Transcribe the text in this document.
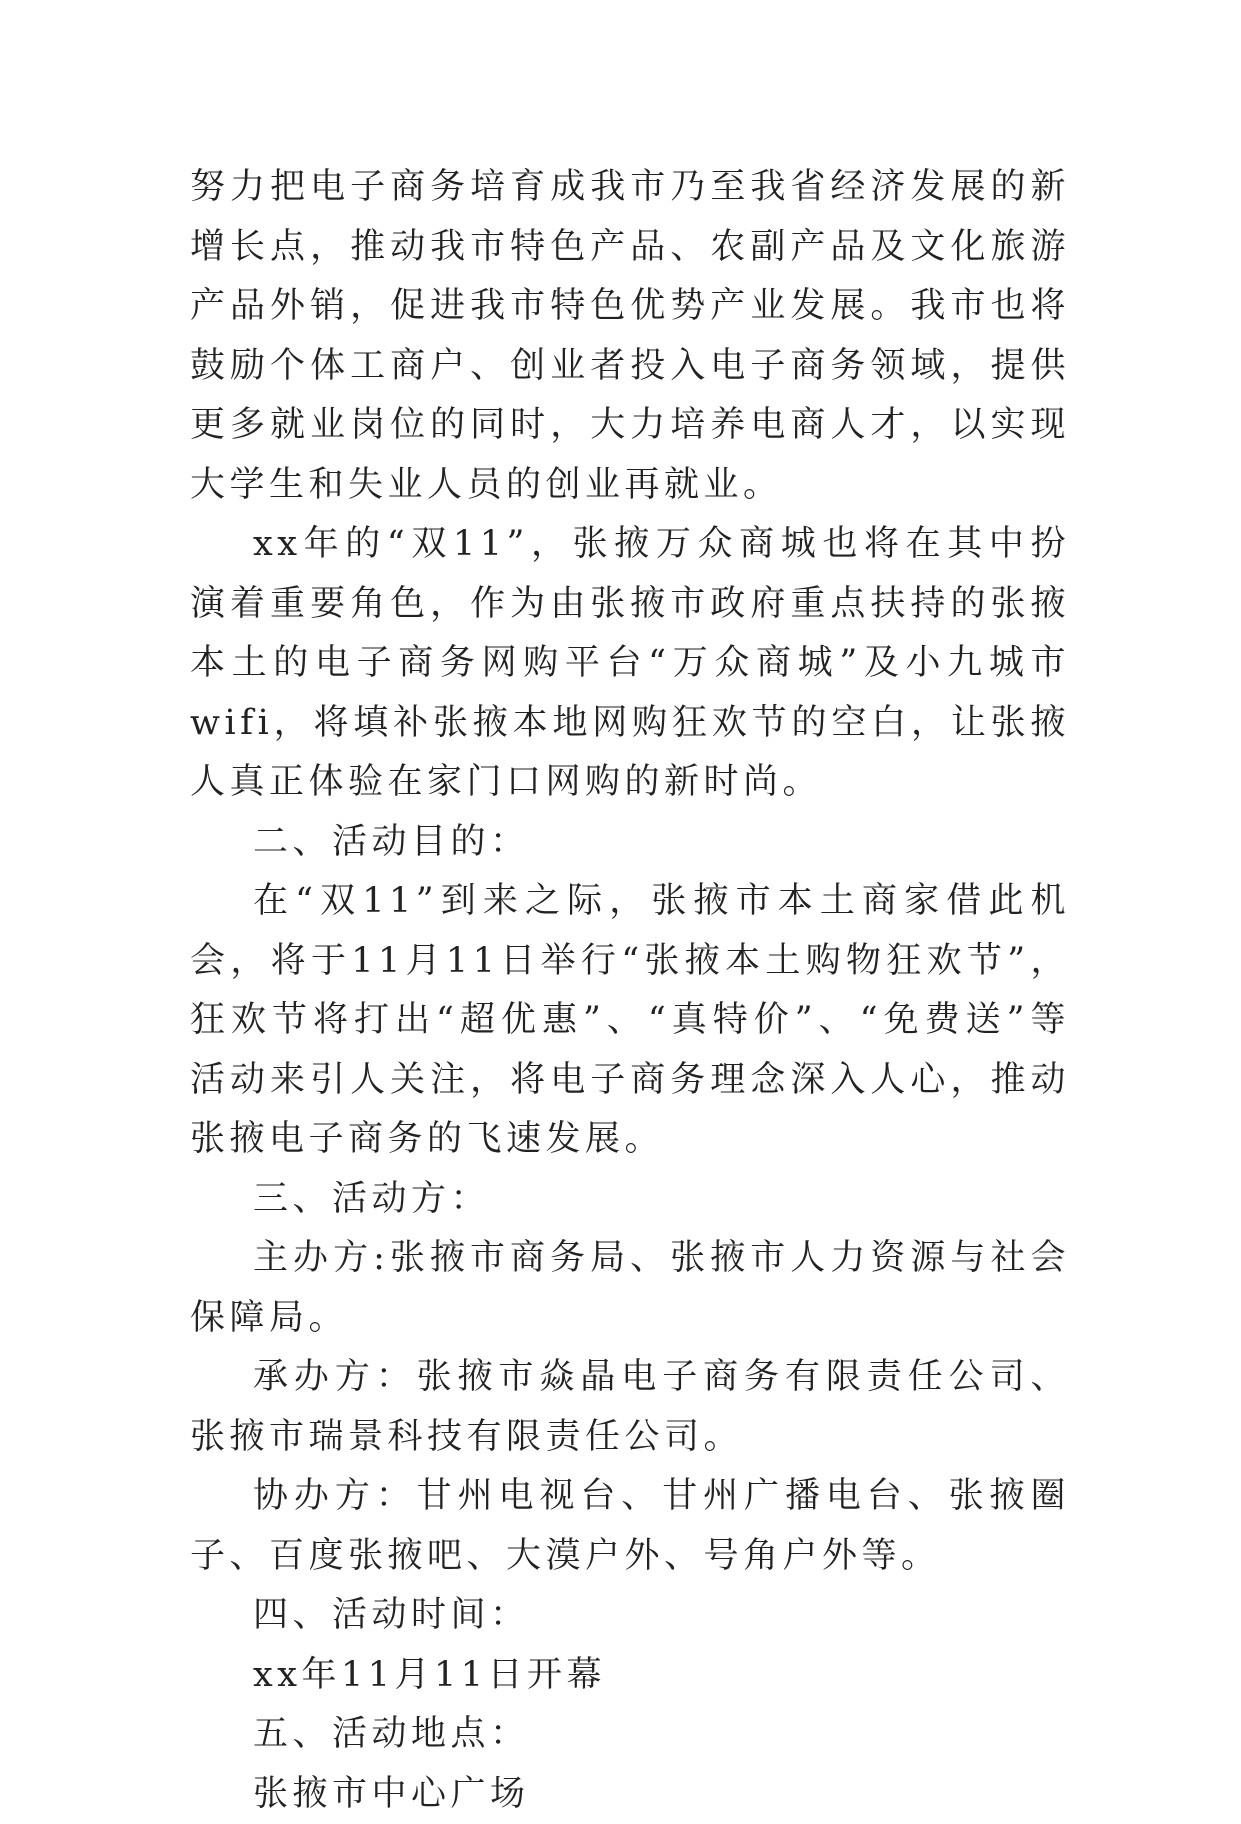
努力把电子商务培育成我市乃至我省经济发展的新增长点，推动我市特色产品、农副产品及文化旅游产品外销，促进我市特色优势产业发展。我市也将鼓励个体工商户、创业者投入电子商务领域，提供更多就业岗位的同时，大力培养电商人才，以实现大学生和失业人员的创业再就业。

xx年的“双11”，张掖万众商城也将在其中扮演着重要角色，作为由张掖市政府重点扶持的张掖本土的电子商务网购平台“万众商城”及小九城市wifi，将填补张掖本地网购狂欢节的空白，让张掖人真正体验在家门口网购的新时尚。

二、活动目的：

在“双11”到来之际，张掖市本土商家借此机会，将于11月11日举行“张掖本土购物狂欢节”，狂欢节将打出“超优惠”、“真特价”、“免费送”等活动来引人关注，将电子商务理念深入人心，推动张掖电子商务的飞速发展。

三、活动方：

主办方:张掖市商务局、张掖市人力资源与社会保障局。

承办方：张掖市焱晶电子商务有限责任公司、张掖市瑞景科技有限责任公司。

协办方：甘州电视台、甘州广播电台、张掖圈子、百度张掖吧、大漠户外、号角户外等。

四、活动时间：

xx年11月11日开幕

五、活动地点：

张掖市中心广场
